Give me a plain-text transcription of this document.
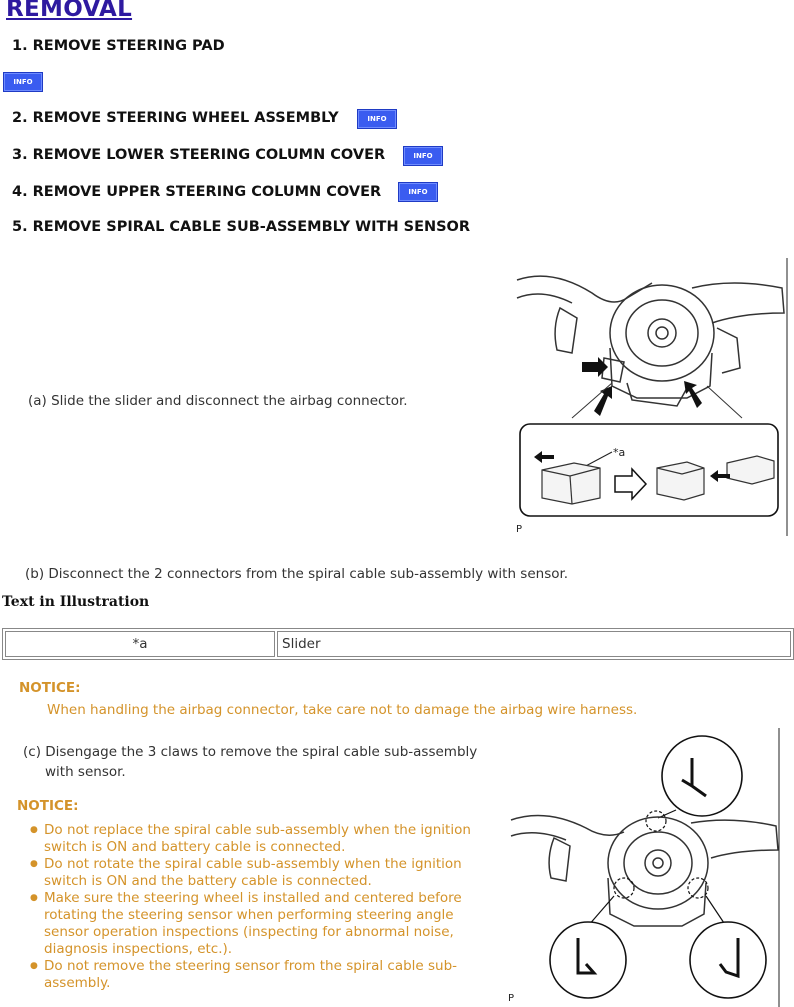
REMOVAL
1. REMOVE STEERING PAD
INFO
2. REMOVE STEERING WHEEL ASSEMBLY	INFO
3. REMOVE LOWER STEERING COLUMN COVER	INFO
4. REMOVE UPPER STEERING COLUMN COVER	INFO
5. REMOVE SPIRAL CABLE SUB-ASSEMBLY WITH SENSOR
(a) Slide the slider and disconnect the airbag connector.
*a
P
(b) Disconnect the 2 connectors from the spiral cable sub-assembly with sensor.
Text in Illustration
*a	Slider
NOTICE:
When handling the airbag connector, take care not to damage the airbag wire harness.
(c) Disengage the 3 claws to remove the spiral cable sub-assembly
with sensor.
NOTICE:
● Do not replace the spiral cable sub-assembly when the ignition switch is ON and battery cable is connected.
● Do not rotate the spiral cable sub-assembly when the ignition switch is ON and the battery cable is connected.
● Make sure the steering wheel is installed and centered before rotating the steering sensor when performing steering angle sensor operation inspections (inspecting for abnormal noise, diagnosis inspections, etc.).
● Do not remove the steering sensor from the spiral cable sub-assembly.
P
